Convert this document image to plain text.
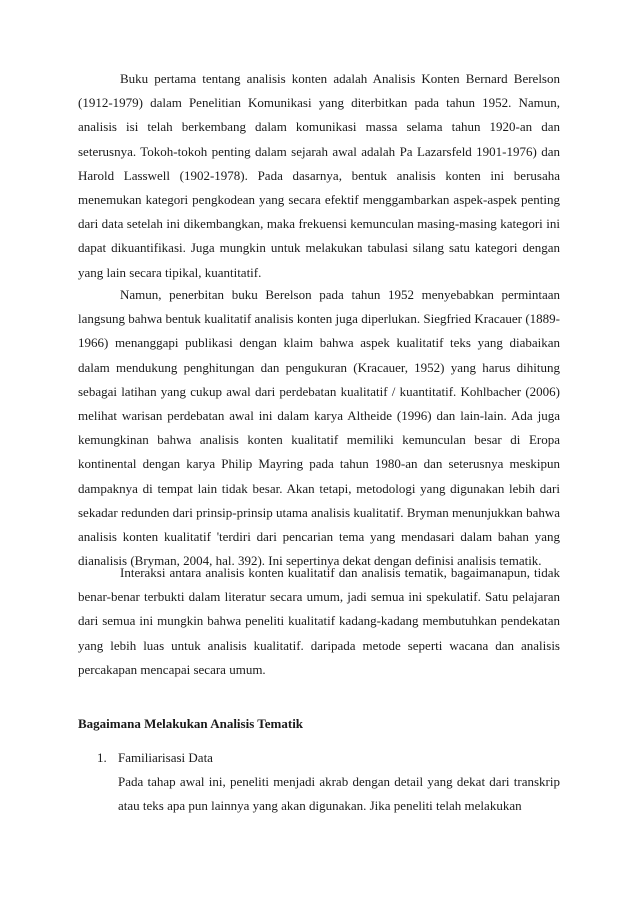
Buku pertama tentang analisis konten adalah Analisis Konten Bernard Berelson (1912-1979) dalam Penelitian Komunikasi yang diterbitkan pada tahun 1952. Namun, analisis isi telah berkembang dalam komunikasi massa selama tahun 1920-an dan seterusnya. Tokoh-tokoh penting dalam sejarah awal adalah Pa Lazarsfeld 1901-1976) dan Harold Lasswell (1902-1978). Pada dasarnya, bentuk analisis konten ini berusaha menemukan kategori pengkodean yang secara efektif menggambarkan aspek-aspek penting dari data setelah ini dikembangkan, maka frekuensi kemunculan masing-masing kategori ini dapat dikuantifikasi. Juga mungkin untuk melakukan tabulasi silang satu kategori dengan yang lain secara tipikal, kuantitatif.

Namun, penerbitan buku Berelson pada tahun 1952 menyebabkan permintaan langsung bahwa bentuk kualitatif analisis konten juga diperlukan. Siegfried Kracauer (1889-1966) menanggapi publikasi dengan klaim bahwa aspek kualitatif teks yang diabaikan dalam mendukung penghitungan dan pengukuran (Kracauer, 1952) yang harus dihitung sebagai latihan yang cukup awal dari perdebatan kualitatif / kuantitatif. Kohlbacher (2006) melihat warisan perdebatan awal ini dalam karya Altheide (1996) dan lain-lain. Ada juga kemungkinan bahwa analisis konten kualitatif memiliki kemunculan besar di Eropa kontinental dengan karya Philip Mayring pada tahun 1980-an dan seterusnya meskipun dampaknya di tempat lain tidak besar. Akan tetapi, metodologi yang digunakan lebih dari sekadar redunden dari prinsip-prinsip utama analisis kualitatif. Bryman menunjukkan bahwa analisis konten kualitatif 'terdiri dari pencarian tema yang mendasari dalam bahan yang dianalisis (Bryman, 2004, hal. 392). Ini sepertinya dekat dengan definisi analisis tematik.

Interaksi antara analisis konten kualitatif dan analisis tematik, bagaimanapun, tidak benar-benar terbukti dalam literatur secara umum, jadi semua ini spekulatif. Satu pelajaran dari semua ini mungkin bahwa peneliti kualitatif kadang-kadang membutuhkan pendekatan yang lebih luas untuk analisis kualitatif. daripada metode seperti wacana dan analisis percakapan mencapai secara umum.

Bagaimana Melakukan Analisis Tematik
1. Familiarisasi Data

Pada tahap awal ini, peneliti menjadi akrab dengan detail yang dekat dari transkrip atau teks apa pun lainnya yang akan digunakan. Jika peneliti telah melakukan
